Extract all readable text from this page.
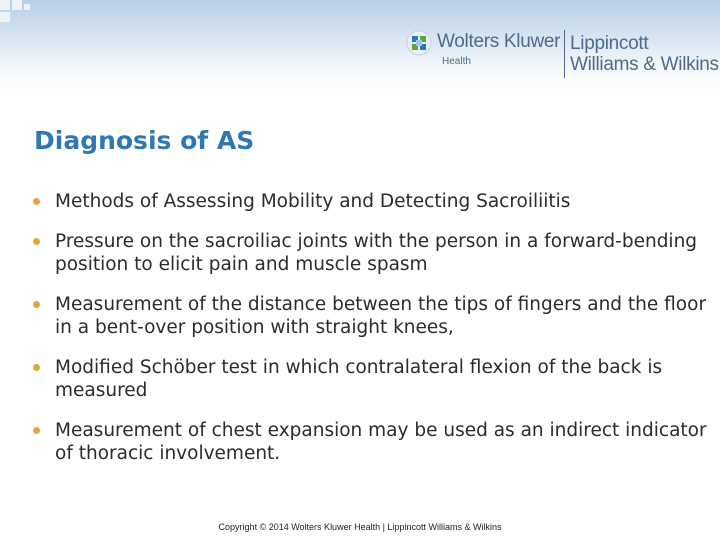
Wolters Kluwer
Health
Lippincott
Williams & Wilkins
Diagnosis of AS
Methods of Assessing Mobility and Detecting Sacroiliitis
Pressure on the sacroiliac joints with the person in a forward-bending position to elicit pain and muscle spasm
Measurement of the distance between the tips of fingers and the floor in a bent-over position with straight knees,
Modified Schöber test in which contralateral flexion of the back is measured
Measurement of chest expansion may be used as an indirect indicator of thoracic involvement.
Copyright © 2014 Wolters Kluwer Health | Lippincott Williams & Wilkins
